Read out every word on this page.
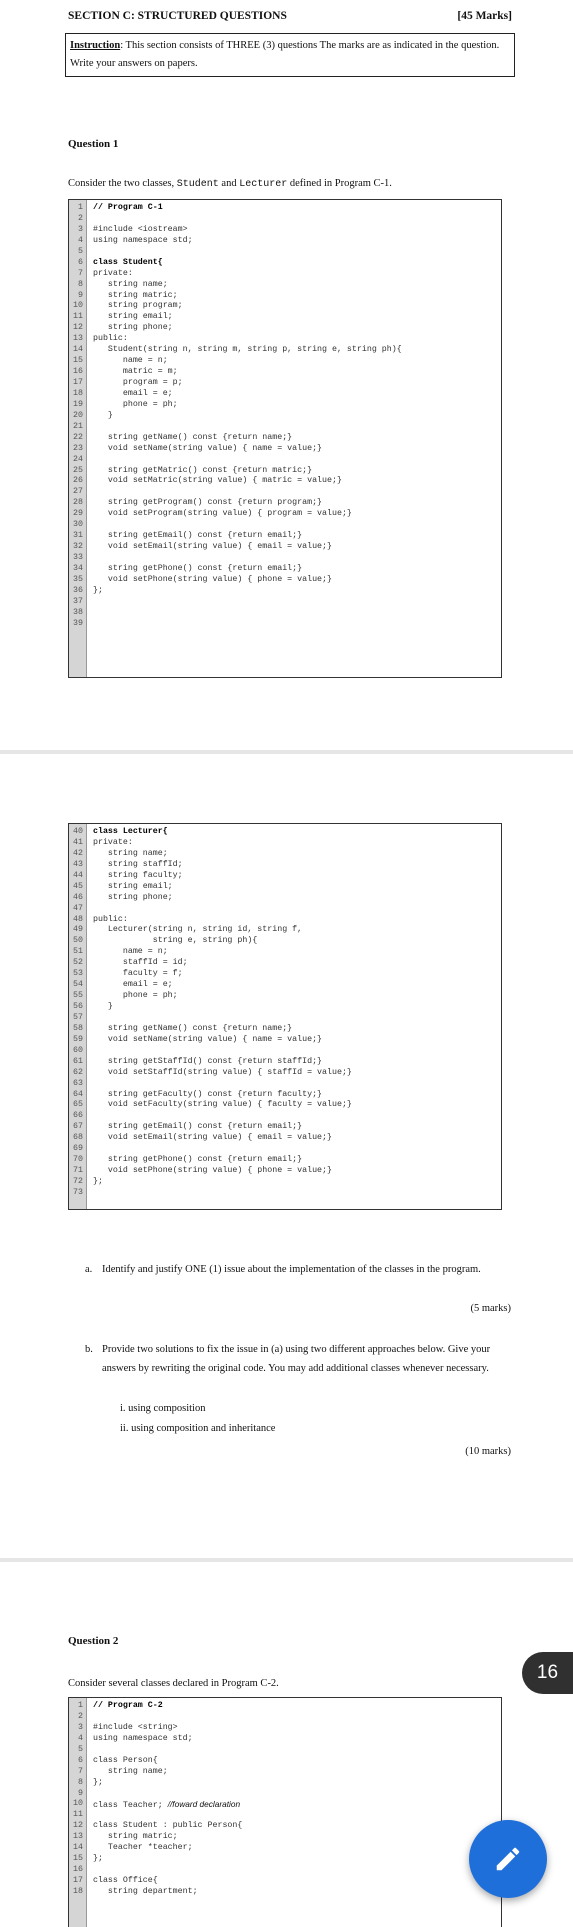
SECTION C: STRUCTURED QUESTIONS	[45 Marks]
Instruction: This section consists of THREE (3) questions The marks are as indicated in the question. Write your answers on papers.
Question 1
Consider the two classes, Student and Lecturer defined in Program C-1.
1 // Program C-1
2
3 #include <iostream>
4 using namespace std;
5
6 class Student{
7 private:
8 string name;
9 string matric;
10 string program;
11 string email;
12 string phone;
13 public:
14 Student(string n, string m, string p, string e, string ph){
15 name = n;
16 matric = m;
17 program = p;
18 email = e;
19 phone = ph;
20 }
21
22 string getName() const {return name;}
23 void setName(string value) { name = value;}
24
25 string getMatric() const {return matric;}
26 void setMatric(string value) { matric = value;}
27
28 string getProgram() const {return program;}
29 void setProgram(string value) { program = value;}
30
31 string getEmail() const {return email;}
32 void setEmail(string value) { email = value;}
33
34 string getPhone() const {return email;}
35 void setPhone(string value) { phone = value;}
36 };
37
38
39
40 class Lecturer{
41 private:
42 string name;
43 string staffId;
44 string faculty;
45 string email;
46 string phone;
47
48 public:
49 Lecturer(string n, string id, string f,
50 string e, string ph){
51 name = n;
52 staffId = id;
53 faculty = f;
54 email = e;
55 phone = ph;
56 }
57
58 string getName() const {return name;}
59 void setName(string value) { name = value;}
60
61 string getStaffId() const {return staffId;}
62 void setStaffId(string value) { staffId = value;}
63
64 string getFaculty() const {return faculty;}
65 void setFaculty(string value) { faculty = value;}
66
67 string getEmail() const {return email;}
68 void setEmail(string value) { email = value;}
69
70 string getPhone() const {return email;}
71 void setPhone(string value) { phone = value;}
72 };
73
a. Identify and justify ONE (1) issue about the implementation of the classes in the program.
(5 marks)
b. Provide two solutions to fix the issue in (a) using two different approaches below. Give your answers by rewriting the original code. You may add additional classes whenever necessary.
i. using composition
ii. using composition and inheritance
(10 marks)
Question 2
Consider several classes declared in Program C-2.
1 // Program C-2
2
3 #include <string>
4 using namespace std;
5
6 class Person{
7 string name;
8 };
9
10 class Teacher; //foward declaration
11
12 class Student : public Person{
13 string matric;
14 Teacher *teacher;
15 };
16
17 class Office{
18 string department;
16
